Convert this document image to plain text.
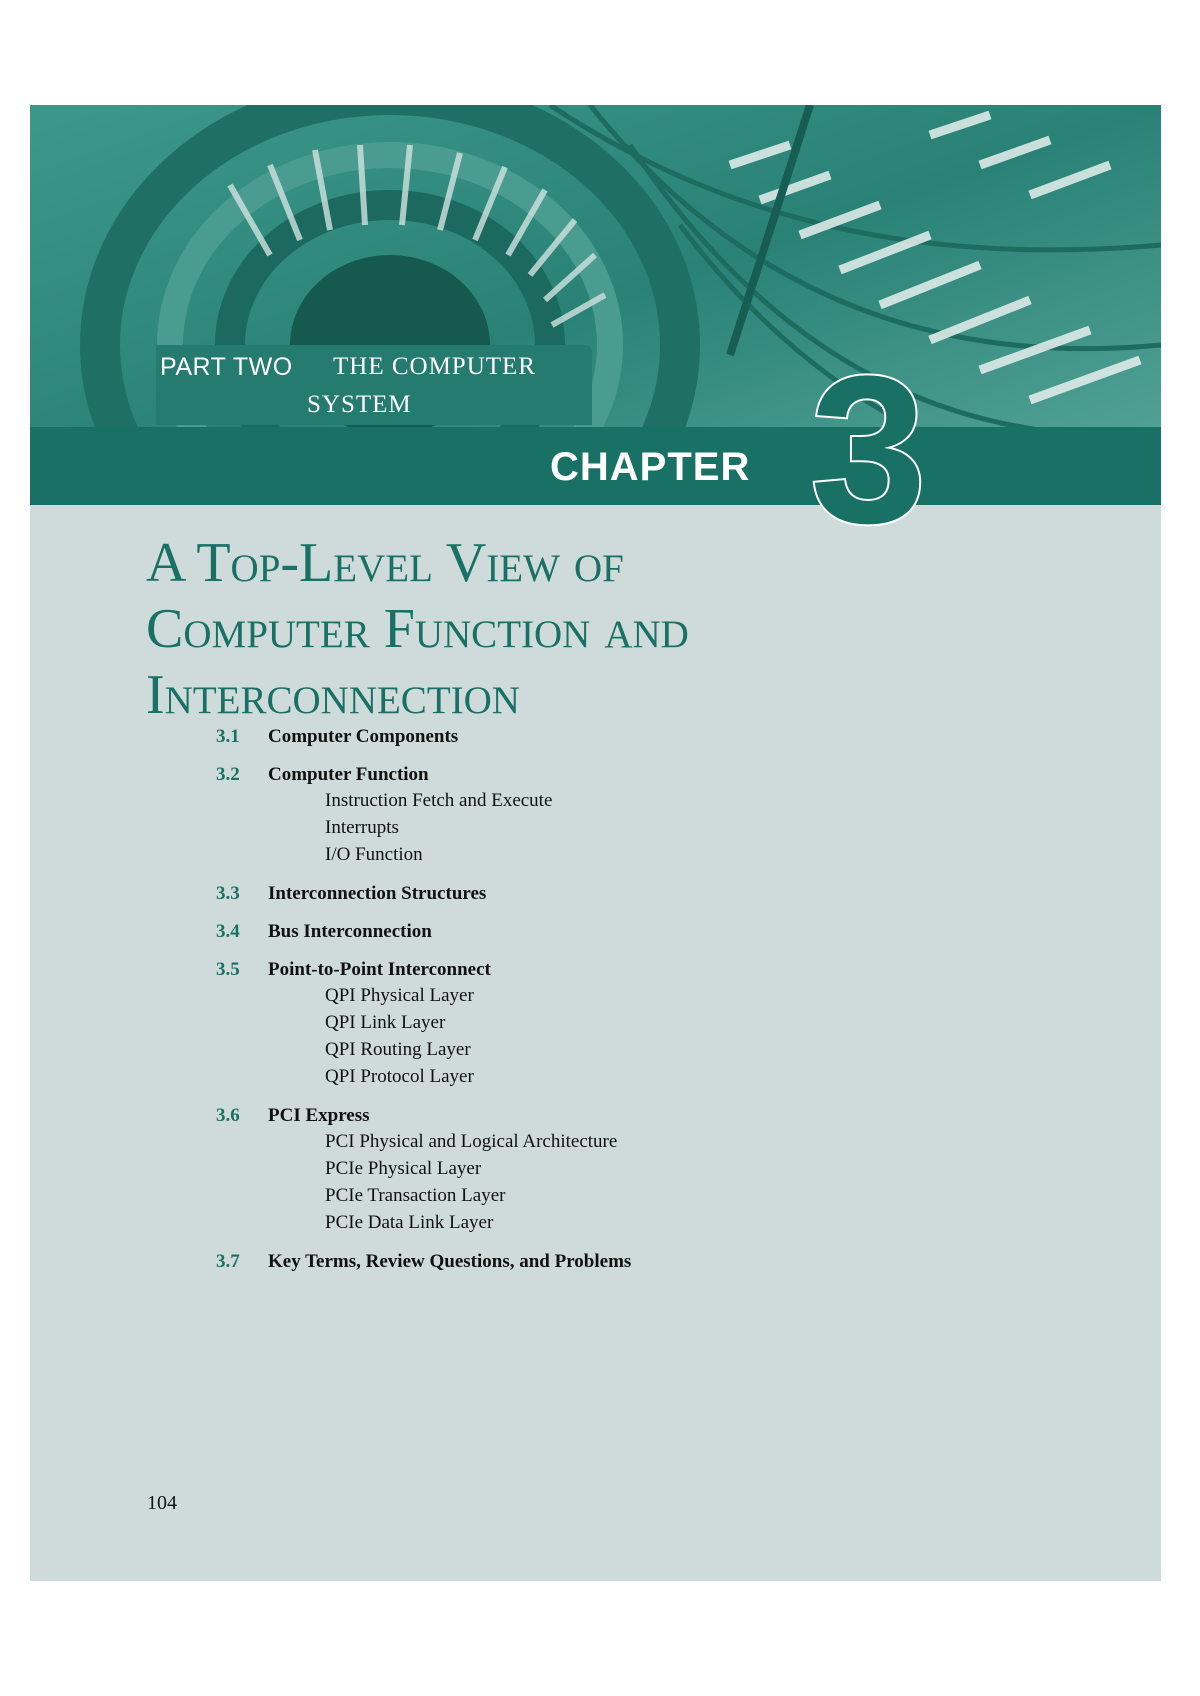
PART TWO THE COMPUTER
SYSTEM
CHAPTER 3
A Top-Level View of
Computer Function and
Interconnection
3.1	Computer Components
3.2	Computer Function
Instruction Fetch and Execute
Interrupts
I/O Function
3.3	Interconnection Structures
3.4	Bus Interconnection
3.5	Point-to-Point Interconnect
QPI Physical Layer
QPI Link Layer
QPI Routing Layer
QPI Protocol Layer
3.6	PCI Express
PCI Physical and Logical Architecture
PCIe Physical Layer
PCIe Transaction Layer
PCIe Data Link Layer
3.7	Key Terms, Review Questions, and Problems
104
